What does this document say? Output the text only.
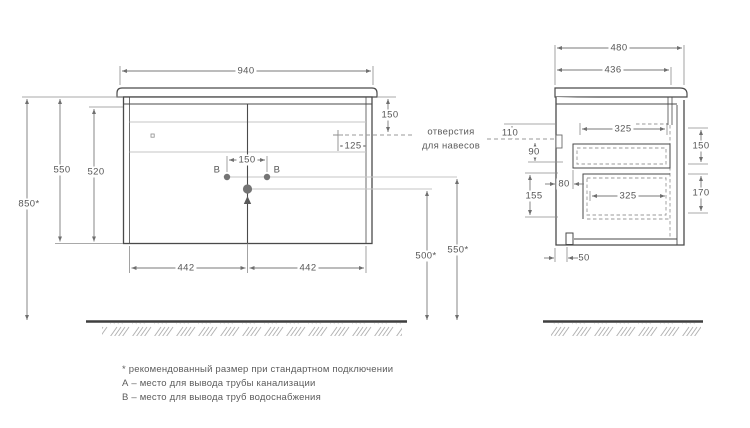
940
850*
550 520
150
125
150
B	B
442	442
500*
550*
480
436
110
90
325
150
80
155	325	170
50
отверстия
для навесов
* рекомендованный размер при стандартном подключении
А – место для вывода трубы канализации
В – место для вывода труб водоснабжения
